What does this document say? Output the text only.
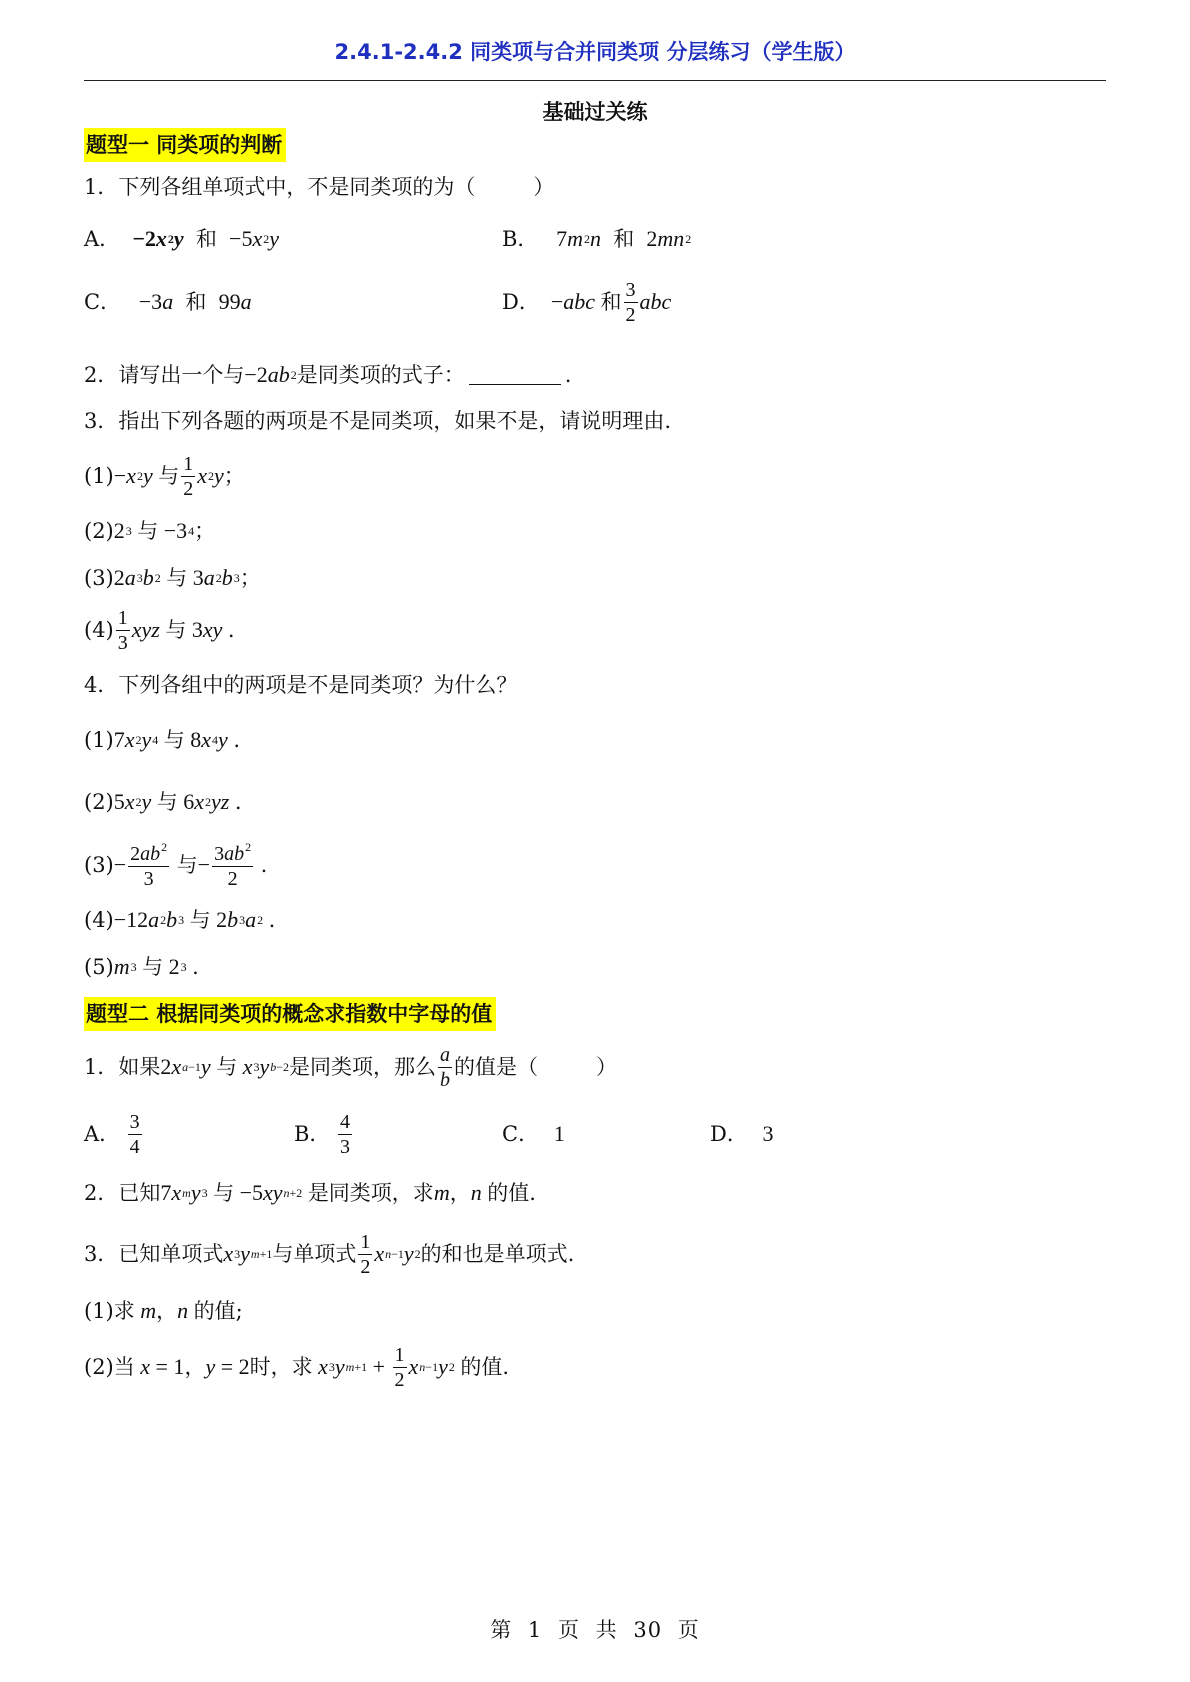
2.4.1-2.4.2 同类项与合并同类项 分层练习（学生版）
基础过关练
题型一 同类项的判断
1． 下列各组单项式中，不是同类项的为（	）
A．  −2 x 2 y 和  −5 x 2 y	B．   7 m 2 n 和  2 mn 2
C．   −3 a 和  99 a	D． − abc
和 $\frac{3}{2}$ abc
2． 请写出一个与 −2 ab 2 是同类项的式子：	.
3． 指出下列各题的两项是不是同类项，如果不是，请说明理由.
(1) − x 2 y
与 $\frac{1}{2}$ x 2 y ；
(2) 2 3
与 −3 4 ；
(3) 2 a 3 b 2
与 3 a 2 b 3 ；
$(4) \frac{1}{3}$ xyz
与 3 xy
.
4． 下列各组中的两项是不是同类项？为什么？
(1) 7 x 2 y 4
与 8 x 4 y
.
(2) 5 x 2 y
与 6 x 2 yz
.
$(3) - \frac{2ab^2}{3}$
与 − $\frac{3ab^2}{2}$
.
(4) −12 a 2 b 3
与 2 b 3 a 2
.
(5) m 3
与 2 3
.
题型二 根据同类项的概念求指数中字母的值
1． 如果 2 x a−1 y
与
x 3 y b−2 是同类项，那么 $\frac{a}{b}$ 的值是（	）
A．
$\frac{3}{4}$	B．
$\frac{4}{3}$	C． 1	D． 3
2． 已知 7 x m y 3
与 −5 xy n+2
是同类项，求 m ， n
的值.
3． 已知单项式 x 3 y m+1 与单项式 $\frac{1}{2}$ x n−1 y 2 的和也是单项式.
(1) 求
m ， n
的值;
(2) 当
x = 1 ， y = 2 时，求
x 3 y $m+1 + \frac{1}{2}$ x n−1 y 2
的值.
第 1 页 共 30 页
